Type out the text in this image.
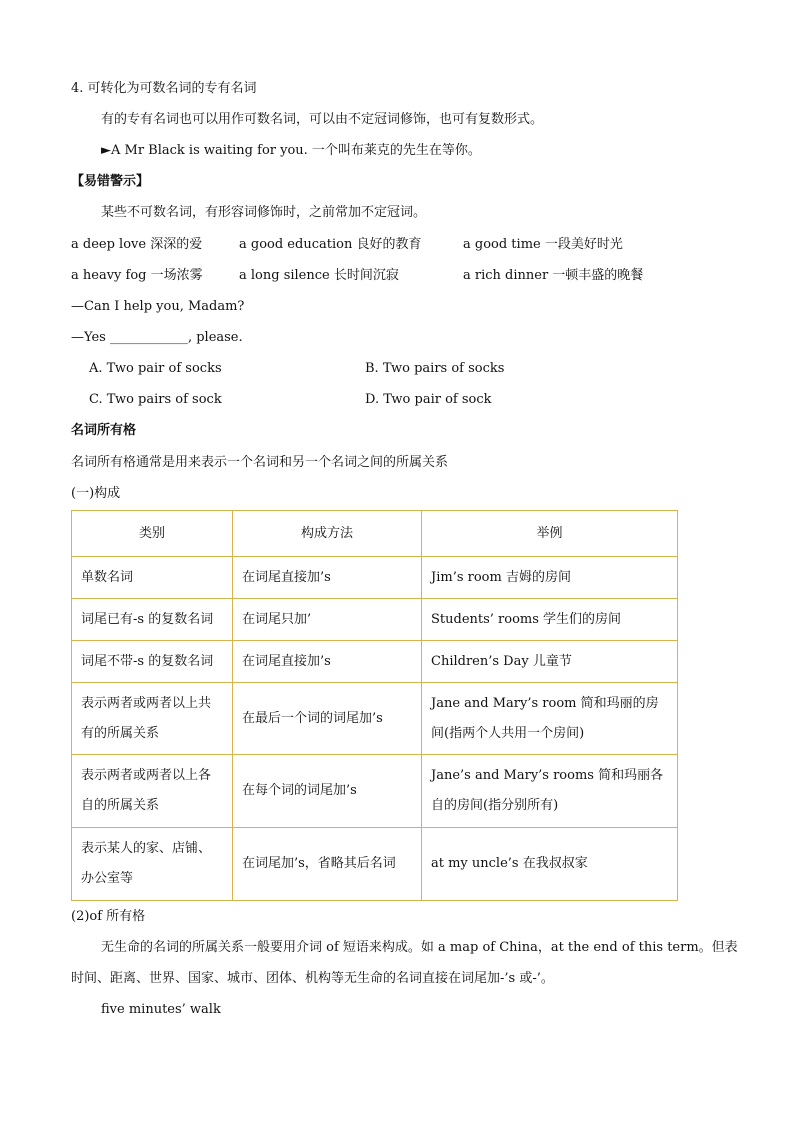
4. 可转化为可数名词的专有名词
有的专有名词也可以用作可数名词，可以由不定冠词修饰，也可有复数形式。
►A Mr Black is waiting for you. 一个叫布莱克的先生在等你。
【易错警示】
某些不可数名词，有形容词修饰时，之前常加不定冠词。
a deep love 深深的爱	a good education 良好的教育	a good time 一段美好时光
a heavy fog 一场浓雾	a long silence 长时间沉寂	a rich dinner 一顿丰盛的晚餐
—Can I help you, Madam?
—Yes ____________, please.
A. Two pair of socks	B. Two pairs of socks
C. Two pairs of sock	D. Two pair of sock
名词所有格
名词所有格通常是用来表示一个名词和另一个名词之间的所属关系
(一)构成
类别	构成方法	举例
单数名词	在词尾直接加’s	Jim’s room 吉姆的房间
词尾已有-s 的复数名词	在词尾只加’	Students’ rooms 学生们的房间
词尾不带-s 的复数名词	在词尾直接加’s	Children’s Day 儿童节
表示两者或两者以上共有的所属关系	在最后一个词的词尾加’s	Jane and Mary’s room 简和玛丽的房间(指两个人共用一个房间)
表示两者或两者以上各自的所属关系	在每个词的词尾加’s	Jane’s and Mary’s rooms 简和玛丽各自的房间(指分别所有)
表示某人的家、店铺、办公室等	在词尾加’s，省略其后名词	at my uncle’s 在我叔叔家
(2)of 所有格
无生命的名词的所属关系一般要用介词 of 短语来构成。如 a map of China，at the end of this term。但表
时间、距离、世界、国家、城市、团体、机构等无生命的名词直接在词尾加-’s 或-’。
five minutes’ walk
